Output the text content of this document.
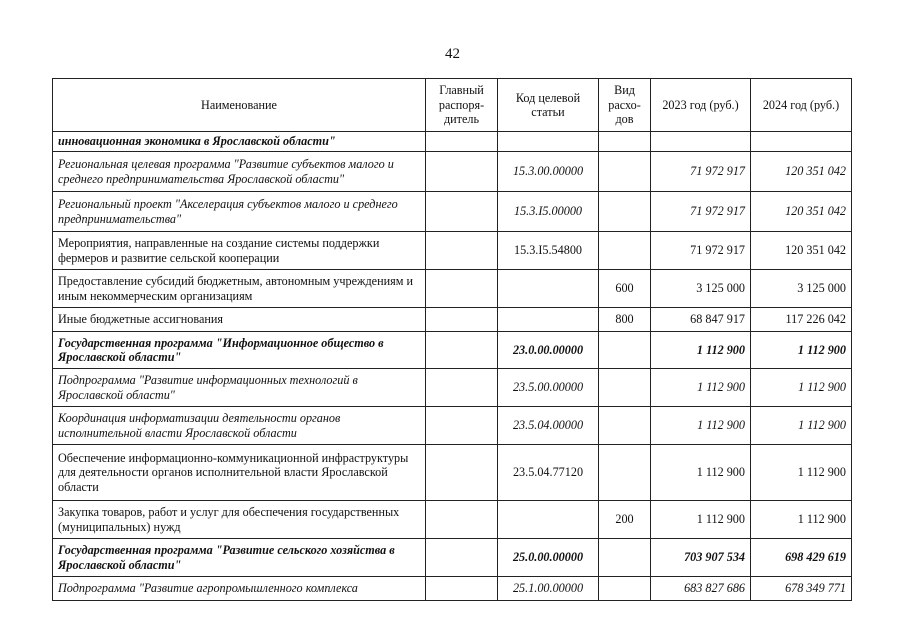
42
Наименование	Главный распоря-дитель	Код целевой статьи	Вид расхо-дов	2023 год (руб.)	2024 год (руб.)
инновационная экономика в Ярославской области"					
Региональная целевая программа "Развитие субъектов малого и среднего предпринимательства Ярославской области"		15.3.00.00000		71 972 917	120 351 042
Региональный проект "Акселерация субъектов малого и среднего предпринимательства"		15.3.I5.00000		71 972 917	120 351 042
Мероприятия, направленные на создание системы поддержки фермеров и развитие сельской кооперации		15.3.I5.54800		71 972 917	120 351 042
Предоставление субсидий бюджетным, автономным учреждениям и иным некоммерческим организациям			600	3 125 000	3 125 000
Иные бюджетные ассигнования			800	68 847 917	117 226 042
Государственная программа "Информационное общество в Ярославской области"		23.0.00.00000		1 112 900	1 112 900
Подпрограмма "Развитие информационных технологий в Ярославской области"		23.5.00.00000		1 112 900	1 112 900
Координация информатизации деятельности органов исполнительной власти Ярославской области		23.5.04.00000		1 112 900	1 112 900
Обеспечение информационно-коммуникационной инфраструктуры для деятельности органов исполнительной власти Ярославской области		23.5.04.77120		1 112 900	1 112 900
Закупка товаров, работ и услуг для обеспечения государственных (муниципальных) нужд			200	1 112 900	1 112 900
Государственная программа "Развитие сельского хозяйства в Ярославской области"		25.0.00.00000		703 907 534	698 429 619
Подпрограмма "Развитие агропромышленного комплекса		25.1.00.00000		683 827 686	678 349 771
